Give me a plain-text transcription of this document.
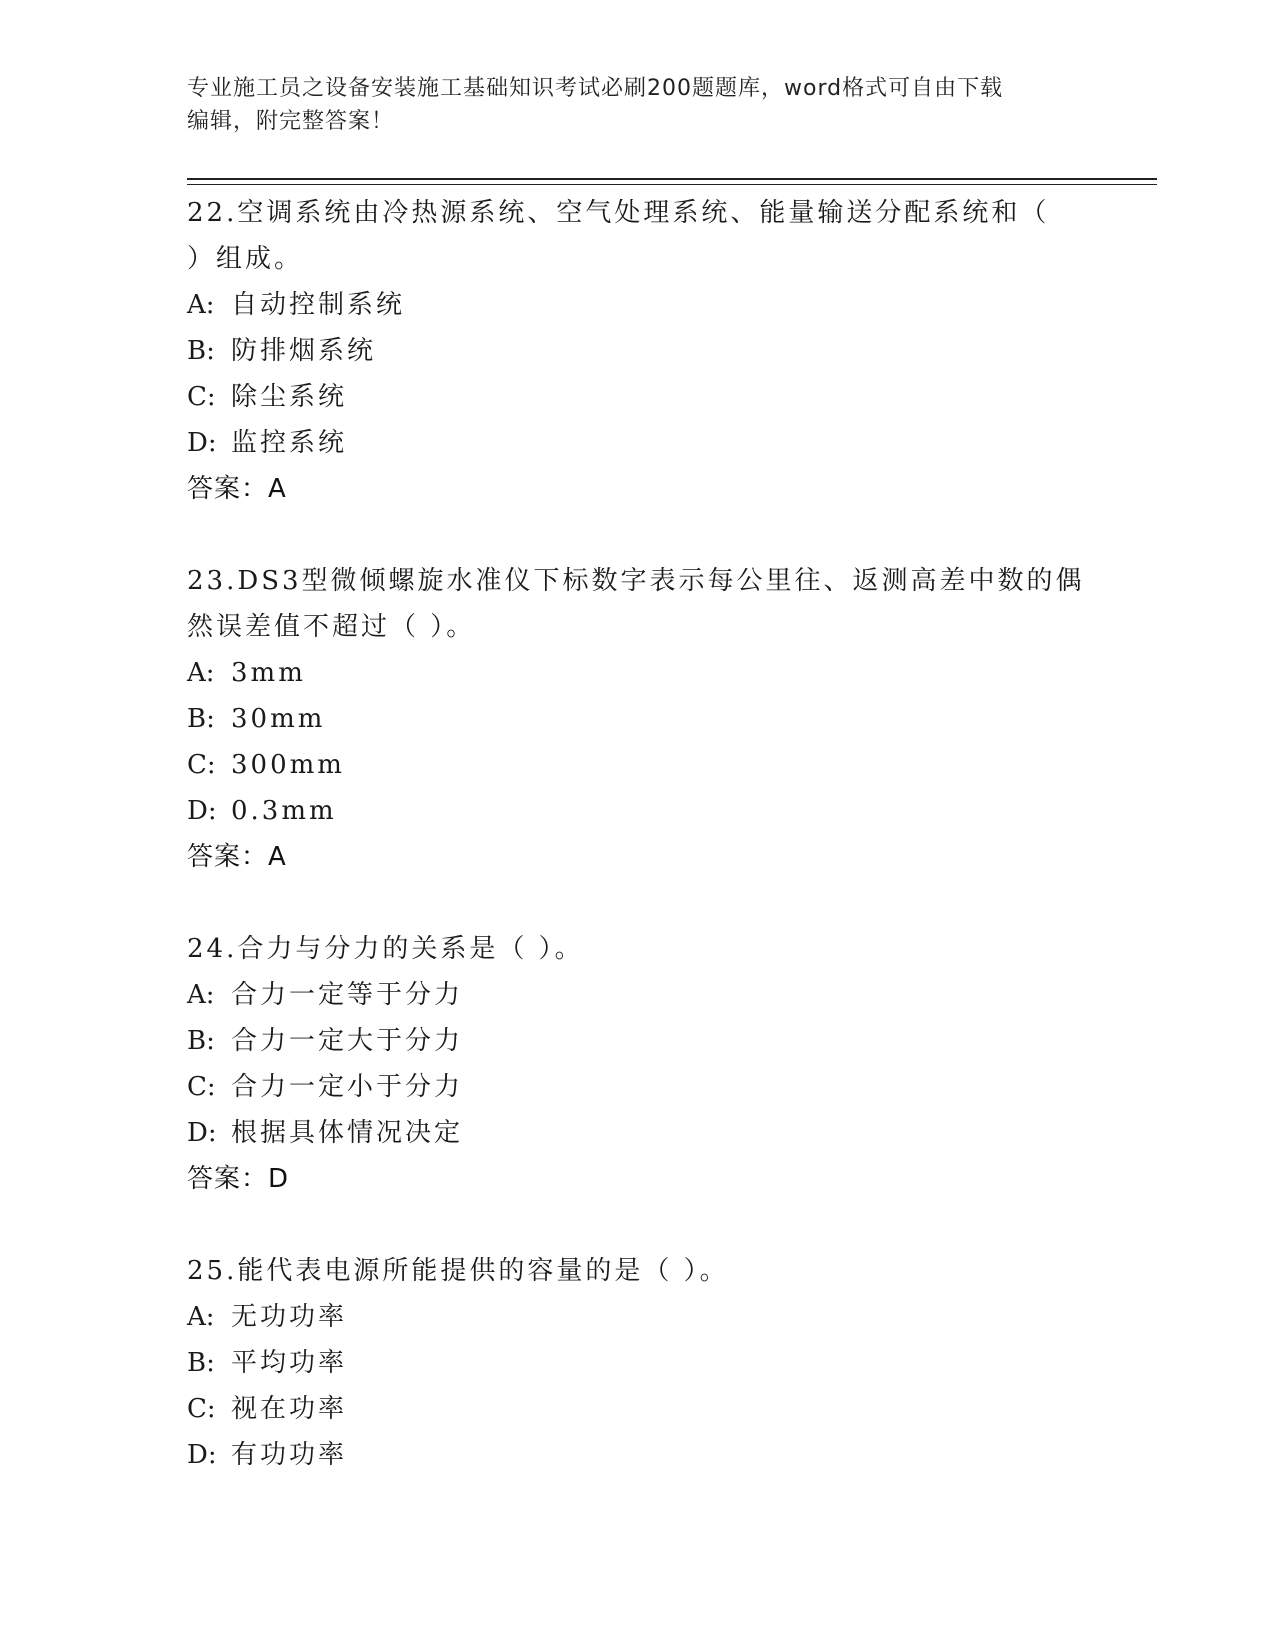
专业施工员之设备安装施工基础知识考试必刷200题题库，word格式可自由下载
编辑，附完整答案！
22.空调系统由冷热源系统、空气处理系统、能量输送分配系统和（
）组成。
A: 自动控制系统
B: 防排烟系统
C: 除尘系统
D: 监控系统
答案：A
23.DS3型微倾螺旋水准仪下标数字表示每公里往、返测高差中数的偶
然误差值不超过（ ）。
A: 3mm
B: 30mm
C: 300mm
D: 0.3mm
答案：A
24.合力与分力的关系是（ ）。
A: 合力一定等于分力
B: 合力一定大于分力
C: 合力一定小于分力
D: 根据具体情况决定
答案：D
25.能代表电源所能提供的容量的是（ ）。
A: 无功功率
B: 平均功率
C: 视在功率
D: 有功功率
